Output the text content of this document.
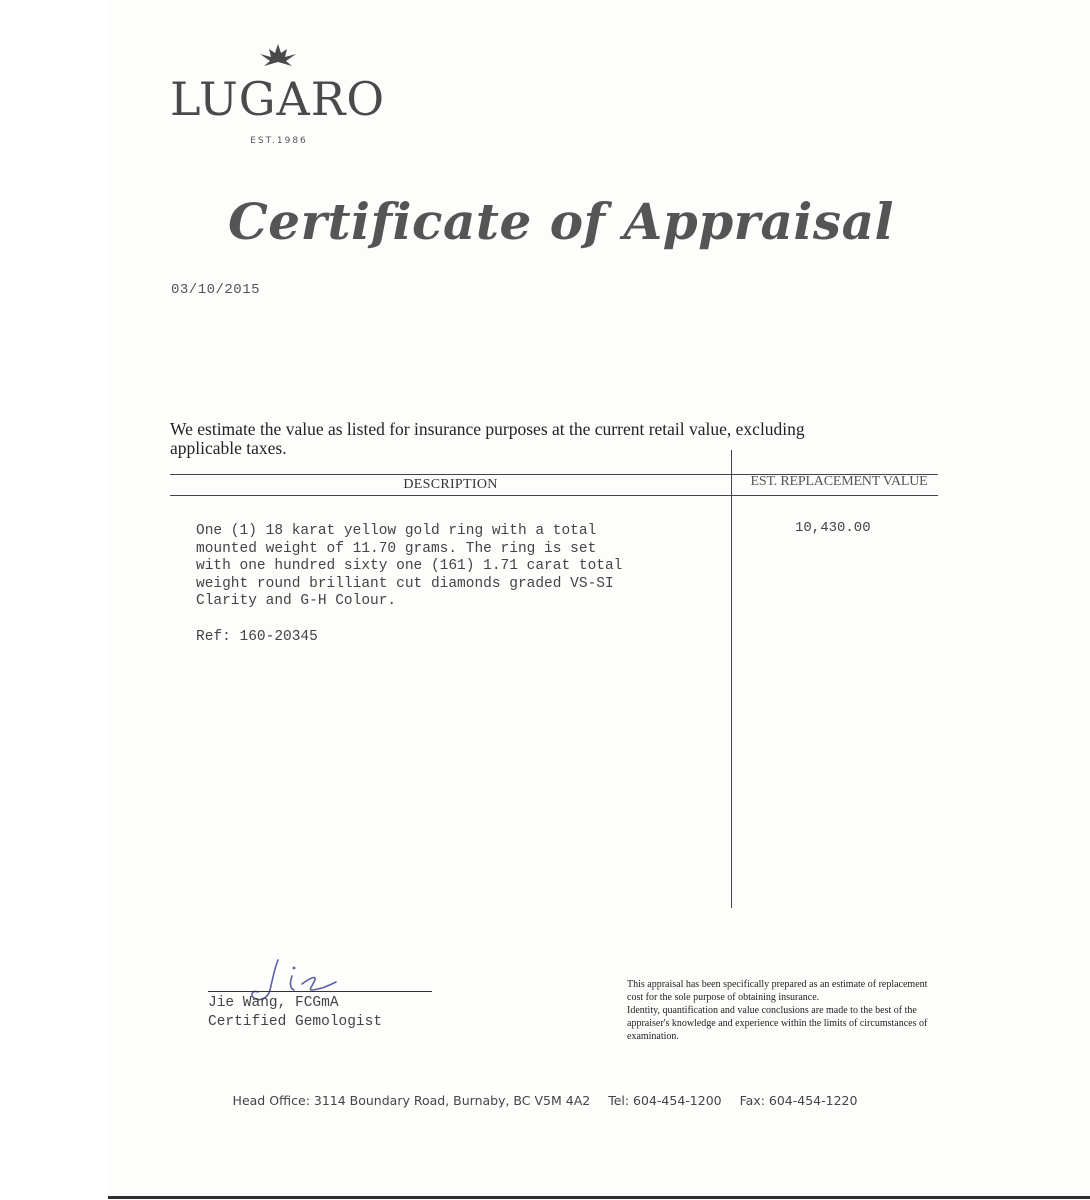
LUGARO
EST.1986
Certificate of Appraisal
03/10/2015
We estimate the value as listed for insurance purposes at the current retail value, excluding applicable taxes.
DESCRIPTION	EST. REPLACEMENT VALUE
One (1) 18 karat yellow gold ring with a total
mounted weight of 11.70 grams. The ring is set
with one hundred sixty one (161) 1.71 carat total
weight round brilliant cut diamonds graded VS-SI
Clarity and G-H Colour.
Ref: 160-20345
10,430.00
Jie Wang, FCGmA
Certified Gemologist

This appraisal has been specifically prepared as an estimate of replacement cost for the sole purpose of obtaining insurance.

Identity, quantification and value conclusions are made to the best of the appraiser's knowledge and experience within the limits of circumstances of examination.

Head Office: 3114 Boundary Road, Burnaby, BC V5M 4A2 Tel: 604-454-1200 Fax: 604-454-1220
